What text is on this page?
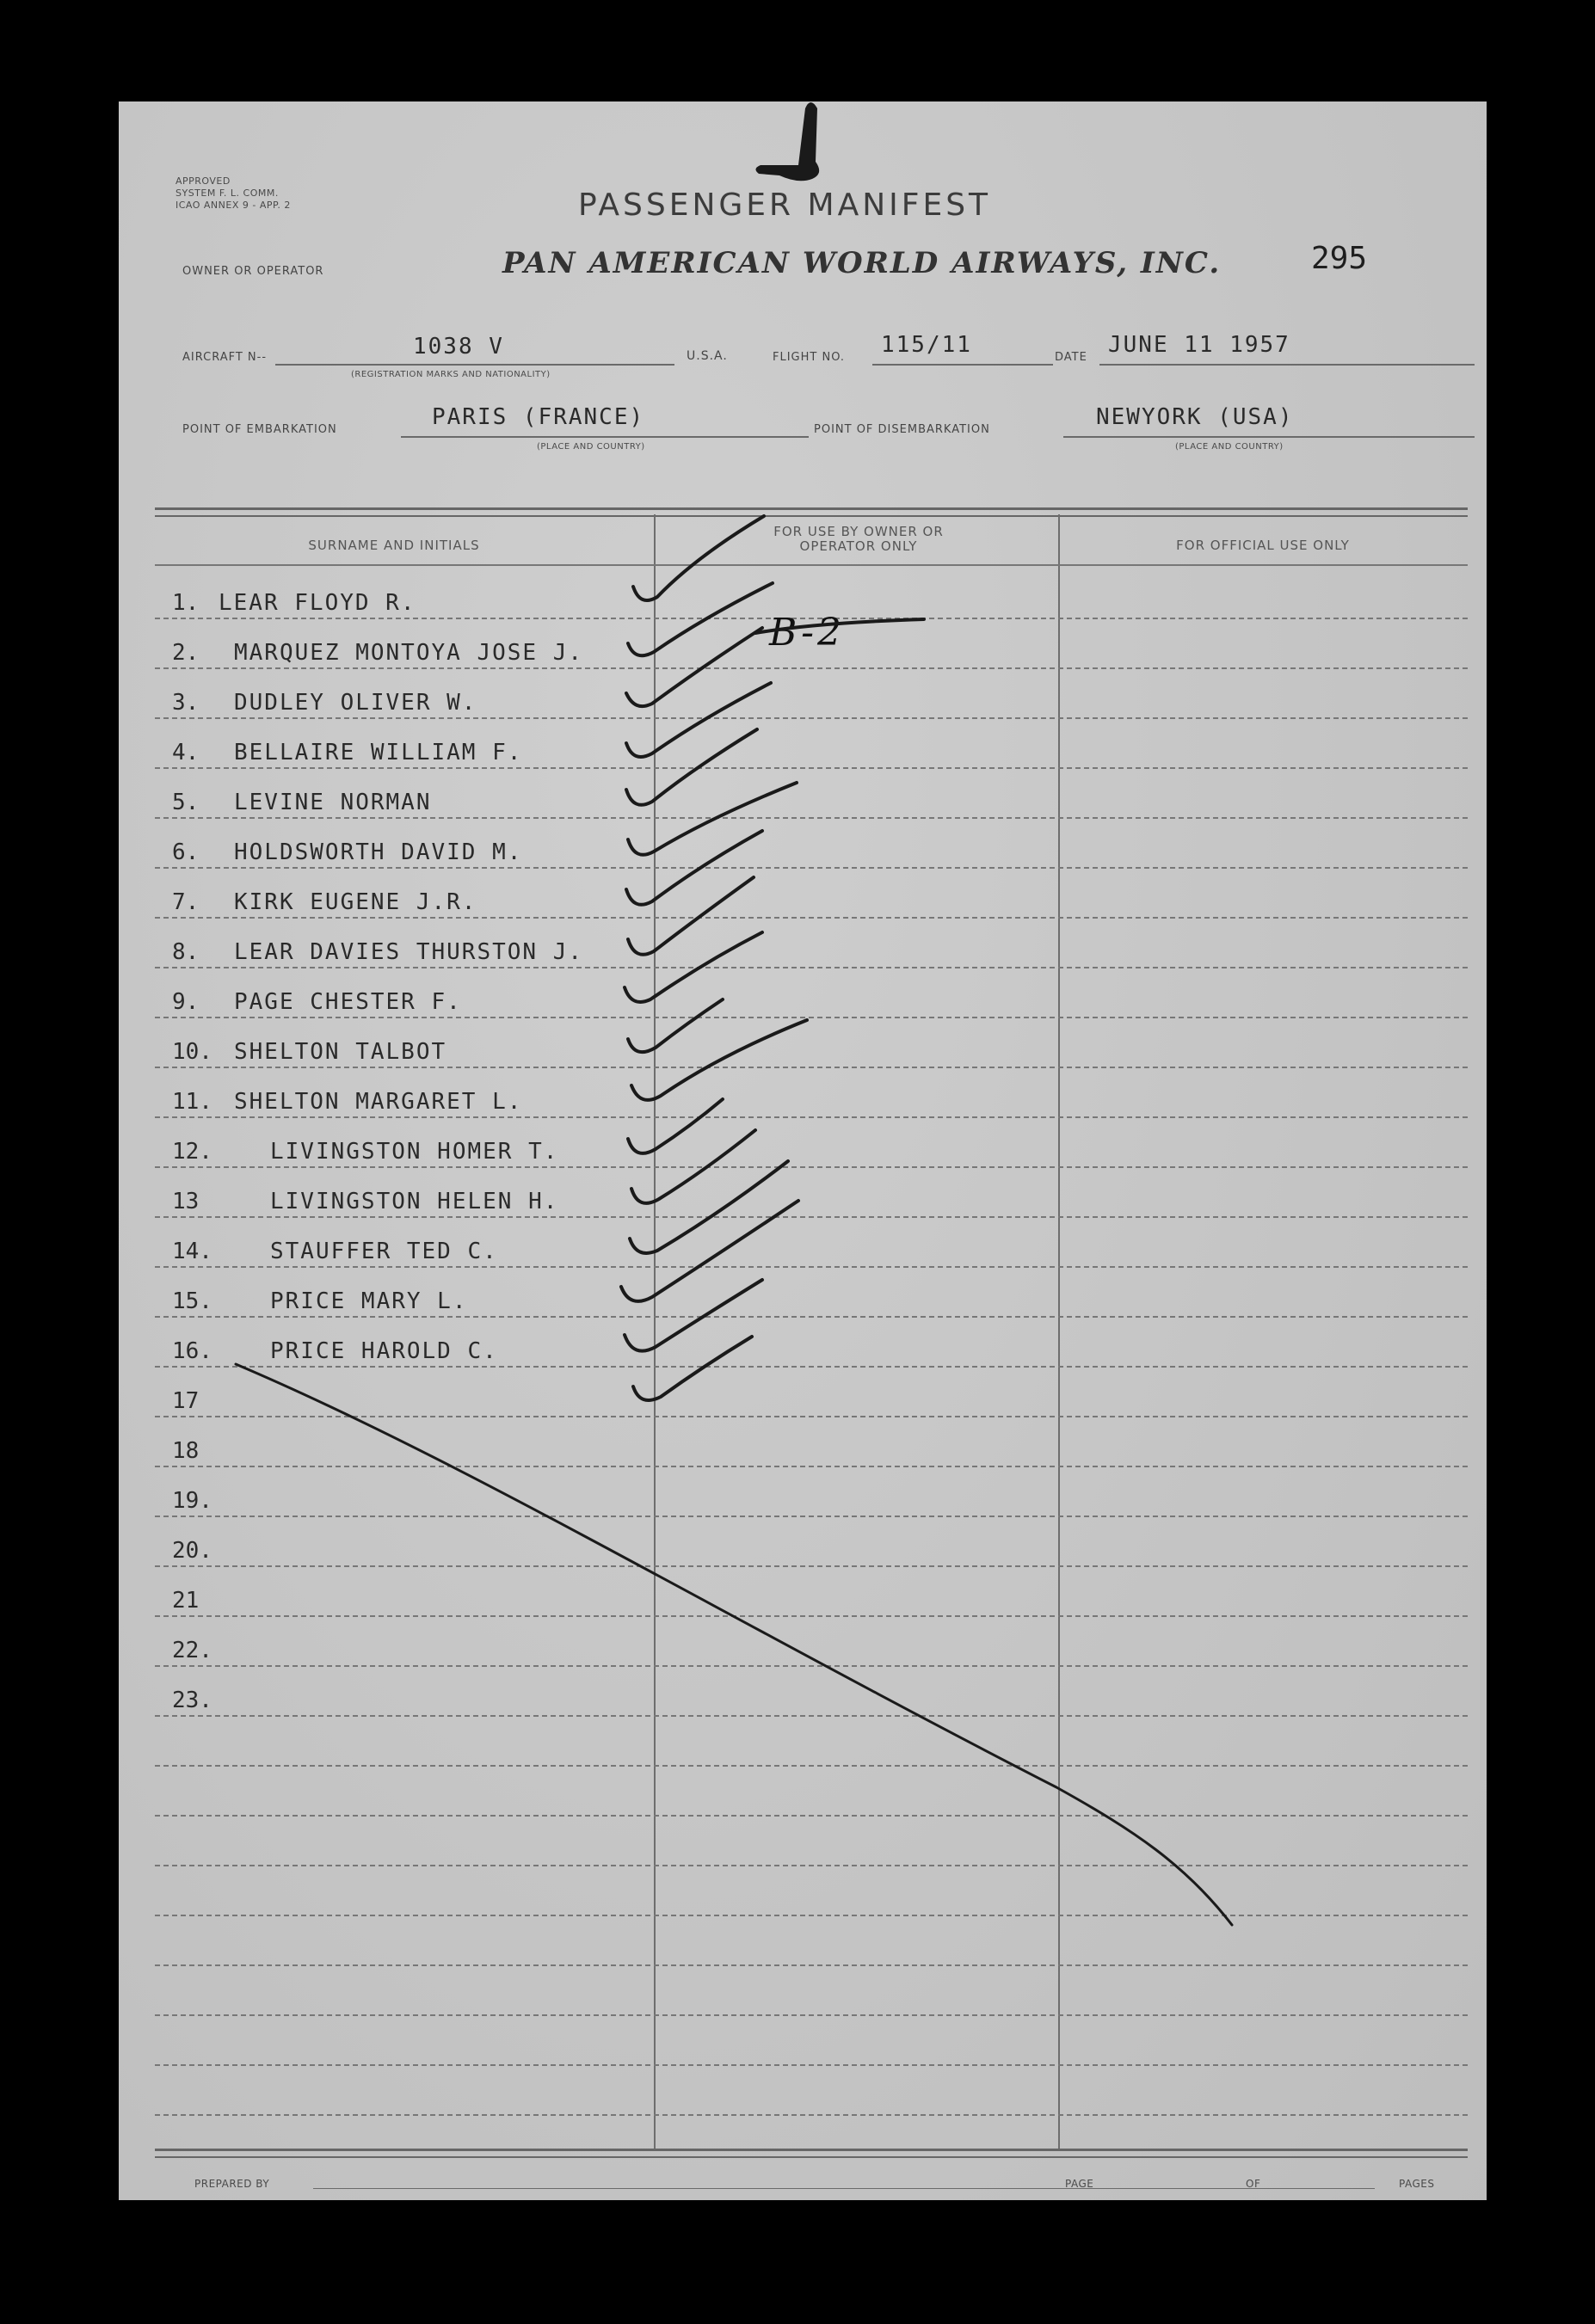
APPROVED
SYSTEM F. L. COMM.
ICAO ANNEX 9 - APP. 2	PASSENGER MANIFEST
295
OWNER OR OPERATOR	PAN AMERICAN WORLD AIRWAYS, INC.
AIRCRAFT N--	1038 V
(REGISTRATION MARKS AND NATIONALITY)
U.S.A.	FLIGHT NO. 115/11	DATE JUNE 11 1957
POINT OF EMBARKATION	PARIS (FRANCE)
(PLACE AND COUNTRY)
POINT OF DISEMBARKATION	NEWYORK (USA)
(PLACE AND COUNTRY)
SURNAME AND INITIALS
FOR USE BY OWNER OR OPERATOR ONLY	FOR OFFICIAL USE ONLY
1. LEAR FLOYD R.
2. MARQUEZ MONTOYA JOSE J.
3. DUDLEY OLIVER W.
4. BELLAIRE WILLIAM F.
5. LEVINE NORMAN
6. HOLDSWORTH DAVID M.
7. KIRK EUGENE J.R.
8. LEAR DAVIES THURSTON J.
9. PAGE CHESTER F.
10. SHELTON TALBOT
11. SHELTON MARGARET L.
12.	LIVINGSTON HOMER T.
13	LIVINGSTON HELEN H.
14.	STAUFFER TED C.
15.	PRICE MARY L.
16.	PRICE HAROLD C.
17
18
19.
20.
21
22.
23.
PREPARED BY	PAGE	OF	PAGES
B-2
